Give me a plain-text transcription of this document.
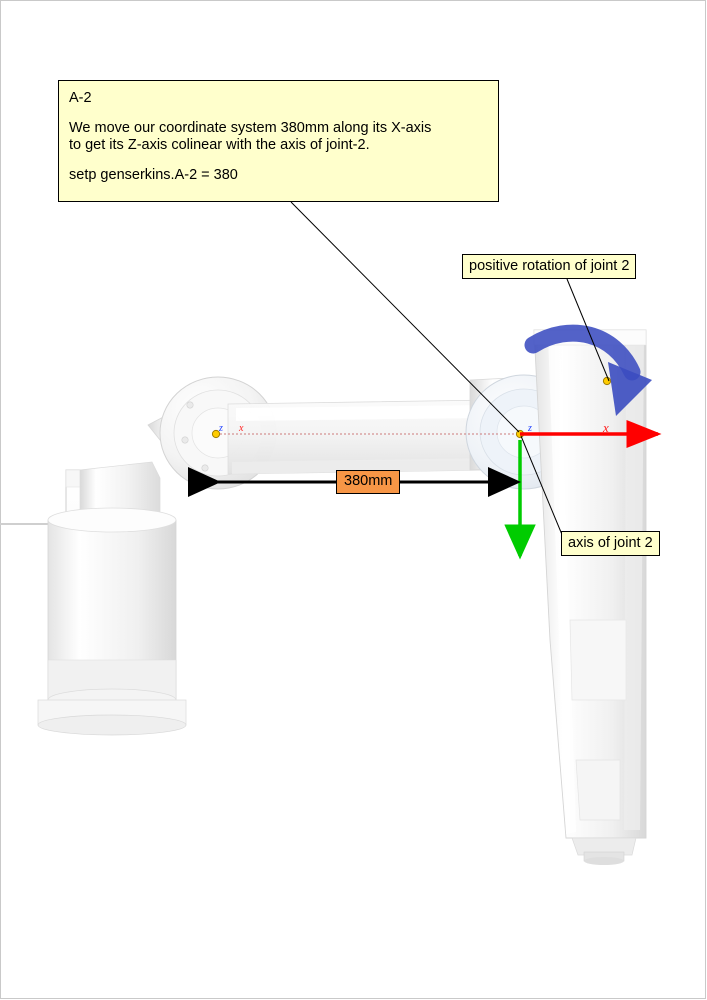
z x	z	x
A-2
We move our coordinate system 380mm along its X-axis
to get its Z-axis colinear with the axis of joint-2.
setp genserkins.A-2 = 380
positive rotation of joint 2
axis of joint 2
380mm
